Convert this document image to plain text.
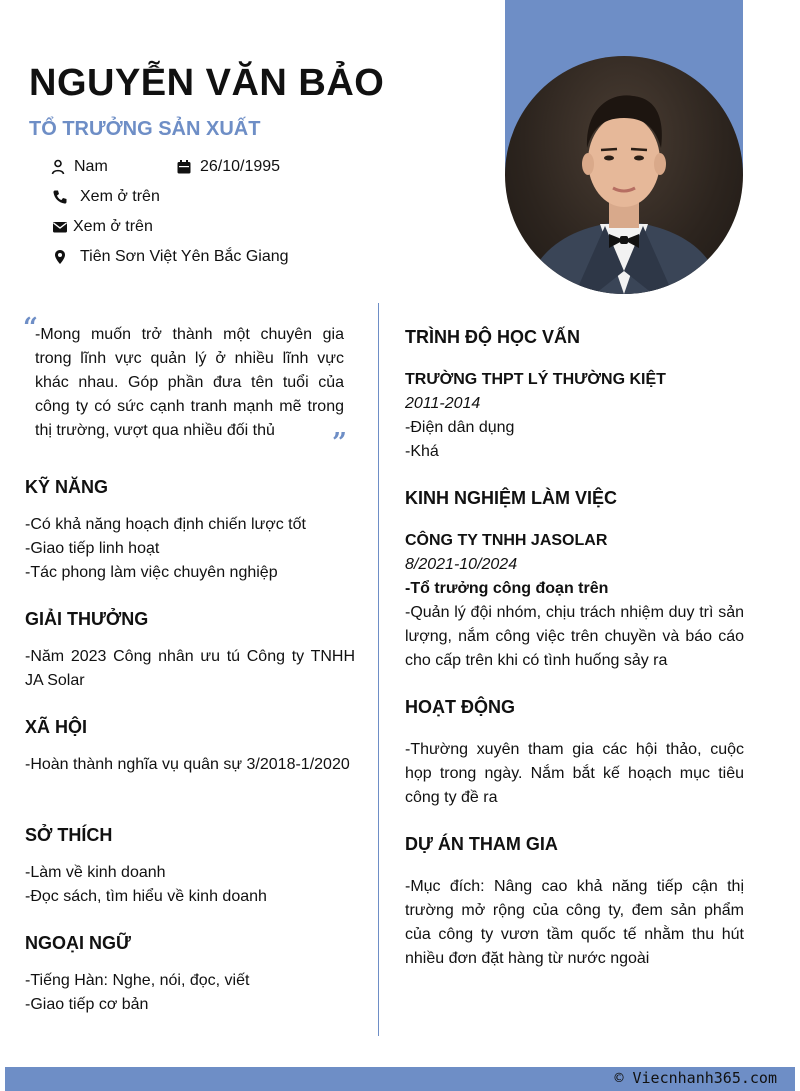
NGUYỄN VĂN BẢO
TỔ TRƯỞNG SẢN XUẤT
Nam	26/10/1995
Xem ở trên
Xem ở trên
Tiên Sơn Việt Yên Bắc Giang
“

-Mong muốn trở thành một chuyên gia trong lĩnh vực quản lý ở nhiều lĩnh vực khác nhau. Góp phần đưa tên tuổi của công ty có sức cạnh tranh mạnh mẽ trong thị trường, vượt qua nhiều đối thủ	”
KỸ NĂNG
-Có khả năng hoạch định chiến lược tốt
-Giao tiếp linh hoạt
-Tác phong làm việc chuyên nghiệp
GIẢI THƯỞNG

-Năm 2023 Công nhân ưu tú Công ty TNHH JA Solar

XÃ HỘI

-Hoàn thành nghĩa vụ quân sự 3/2018-1/2020

SỞ THÍCH
-Làm về kinh doanh
-Đọc sách, tìm hiểu về kinh doanh
NGOẠI NGỮ
-Tiếng Hàn: Nghe, nói, đọc, viết
-Giao tiếp cơ bản
TRÌNH ĐỘ HỌC VẤN
TRƯỜNG THPT LÝ THƯỜNG KIỆT
2011-2014
-Điện dân dụng
-Khá
KINH NGHIỆM LÀM VIỆC
CÔNG TY TNHH JASOLAR
8/2021-10/2024
-Tổ trưởng công đoạn trên
-Quản lý đội nhóm, chịu trách nhiệm duy trì sản lượng, nắm công việc trên chuyền và báo cáo cho cấp trên khi có tình huống sảy ra
HOẠT ĐỘNG

-Thường xuyên tham gia các hội thảo, cuộc họp trong ngày. Nắm bắt kế hoạch mục tiêu công ty đề ra

DỰ ÁN THAM GIA

-Mục đích: Nâng cao khả năng tiếp cận thị trường mở rộng của công ty, đem sản phẩm của công ty vươn tầm quốc tế nhằm thu hút nhiều đơn đặt hàng từ nước ngoài

© Viecnhanh365.com
